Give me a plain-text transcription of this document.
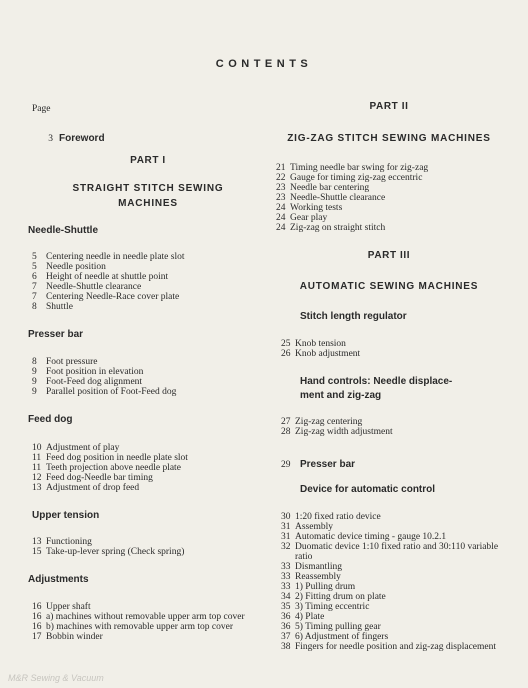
CONTENTS
Page
3 Foreword
PART I
STRAIGHT STITCH SEWING
MACHINES
Needle-Shuttle
5 Centering needle in needle plate slot
5 Needle position
6 Height of needle at shuttle point
7 Needle-Shuttle clearance
7 Centering Needle-Race cover plate
8 Shuttle
Presser bar
8 Foot pressure
9 Foot position in elevation
9 Foot-Feed dog alignment
9 Parallel position of Foot-Feed dog
Feed dog
10 Adjustment of play
11 Feed dog position in needle plate slot
11 Teeth projection above needle plate
12 Feed dog-Needle bar timing
13 Adjustment of drop feed
Upper tension
13 Functioning
15 Take-up-lever spring (Check spring)
Adjustments
16 Upper shaft
16 a) machines without removable upper arm top cover
16 b) machines with removable upper arm top cover
17 Bobbin winder
PART II
ZIG-ZAG STITCH SEWING MACHINES
21 Timing needle bar swing for zig-zag
22 Gauge for timing zig-zag eccentric
23 Needle bar centering
23 Needle-Shuttle clearance
24 Working tests
24 Gear play
24 Zig-zag on straight stitch
PART III
AUTOMATIC SEWING MACHINES
Stitch length regulator
25 Knob tension
26 Knob adjustment
Hand controls: Needle displace-
ment and zig-zag
27 Zig-zag centering
28 Zig-zag width adjustment
29 Presser bar
Device for automatic control
30 1:20 fixed ratio device
31 Assembly
31 Automatic device timing - gauge 10.2.1
32 Duomatic device 1:10 fixed ratio and 30:110 variable ratio
33 Dismantling
33 Reassembly
33 1) Pulling drum
34 2) Fitting drum on plate
35 3) Timing eccentric
36 4) Plate
36 5) Timing pulling gear
37 6) Adjustment of fingers
38 Fingers for needle position and zig-zag displacement
M&R Sewing & Vacuum
